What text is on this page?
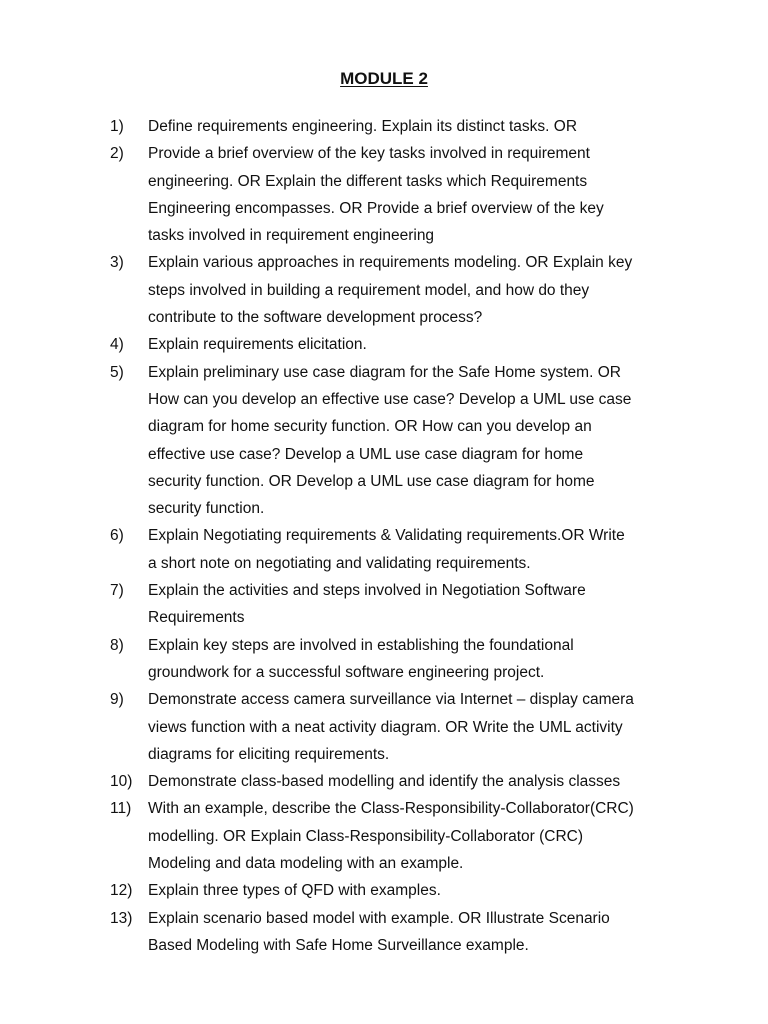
MODULE 2
1) Define requirements engineering. Explain its distinct tasks. OR
2) Provide a brief overview of the key tasks involved in requirement
engineering. OR Explain the different tasks which Requirements
Engineering encompasses. OR Provide a brief overview of the key
tasks involved in requirement engineering
3) Explain various approaches in requirements modeling. OR Explain key
steps involved in building a requirement model, and how do they
contribute to the software development process?
4) Explain requirements elicitation.
5) Explain preliminary use case diagram for the Safe Home system. OR
How can you develop an effective use case? Develop a UML use case
diagram for home security function. OR How can you develop an
effective use case? Develop a UML use case diagram for home
security function. OR Develop a UML use case diagram for home
security function.
6) Explain Negotiating requirements & Validating requirements.OR Write
a short note on negotiating and validating requirements.
7) Explain the activities and steps involved in Negotiation Software
Requirements
8) Explain key steps are involved in establishing the foundational
groundwork for a successful software engineering project.
9) Demonstrate access camera surveillance via Internet – display camera
views function with a neat activity diagram. OR Write the UML activity
diagrams for eliciting requirements.
10) Demonstrate class-based modelling and identify the analysis classes
11) With an example, describe the Class-Responsibility-Collaborator(CRC)
modelling. OR Explain Class-Responsibility-Collaborator (CRC)
Modeling and data modeling with an example.
12) Explain three types of QFD with examples.
13) Explain scenario based model with example. OR Illustrate Scenario
Based Modeling with Safe Home Surveillance example.
